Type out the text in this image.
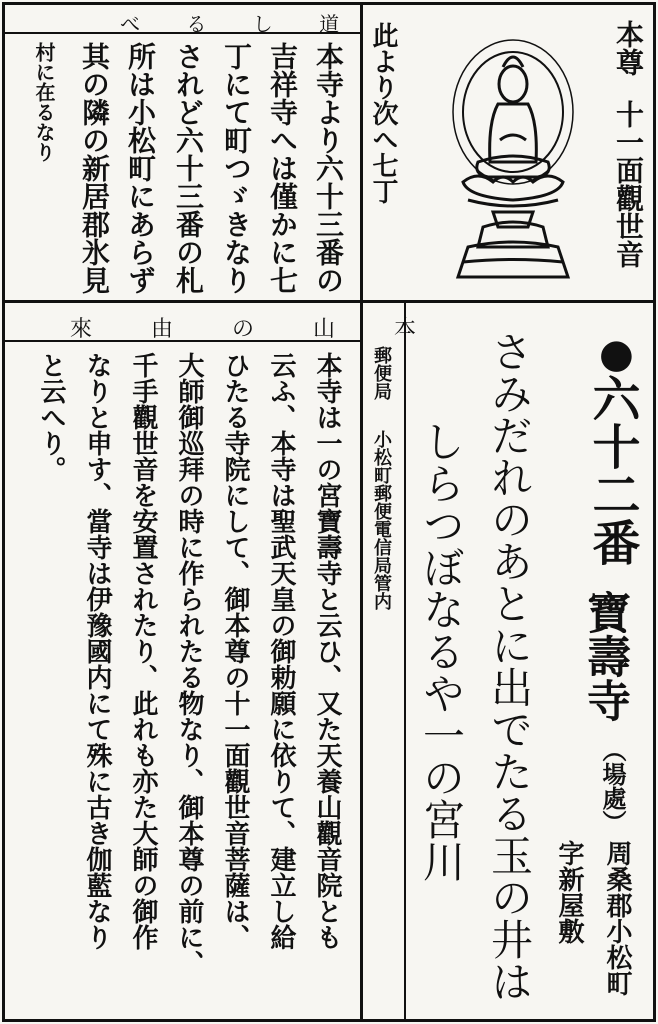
本尊
十一面觀世音
此より次へ七丁
べ る し 道
本寺より六十三番の
吉祥寺へは僅かに七
丁にて町つゞきなり
されど六十三番の札
所は小松町にあらず
其の隣の新居郡氷見
村に在るなり
●
六十二番
寶壽寺
（場處）
周桑郡小松町
字新屋敷
さみだれのあとに出でたる玉の井は
しらつぼなるや一の宮川
郵便局
小松町郵便電信局管内
來 由 の 山 本
本寺は一の宮寶壽寺と云ひ、又た天養山觀音院とも
云ふ、本寺は聖武天皇の御勅願に依りて、建立し給
ひたる寺院にして、御本尊の十一面觀世音菩薩は、
大師御巡拜の時に作られたる物なり、御本尊の前に、
千手觀世音を安置されたり、此れも亦た大師の御作
なりと申す、當寺は伊豫國内にて殊に古き伽藍なり
と云へり。
